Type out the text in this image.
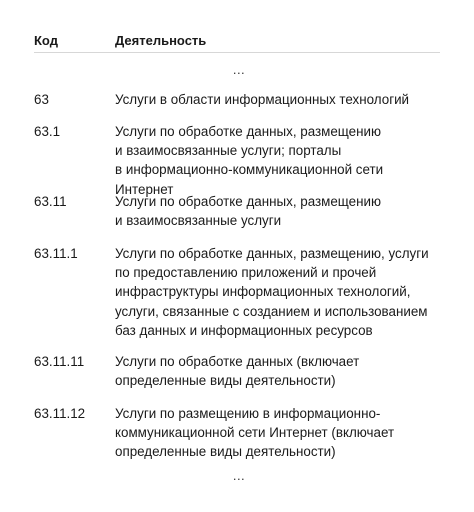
Код	Деятельность
...
63	Услуги в области информационных технологий
63.1	Услуги по обработке данных, размещению
и взаимосвязанные услуги; порталы
в информационно-коммуникационной сети Интернет
63.11	Услуги по обработке данных, размещению
и взаимосвязанные услуги
63.11.1	Услуги по обработке данных, размещению, услуги
по предоставлению приложений и прочей
инфраструктуры информационных технологий,
услуги, связанные с созданием и использованием
баз данных и информационных ресурсов
63.11.11	Услуги по обработке данных (включает
определенные виды деятельности)
63.11.12	Услуги по размещению в информационно-
коммуникационной сети Интернет (включает
определенные виды деятельности)
...
